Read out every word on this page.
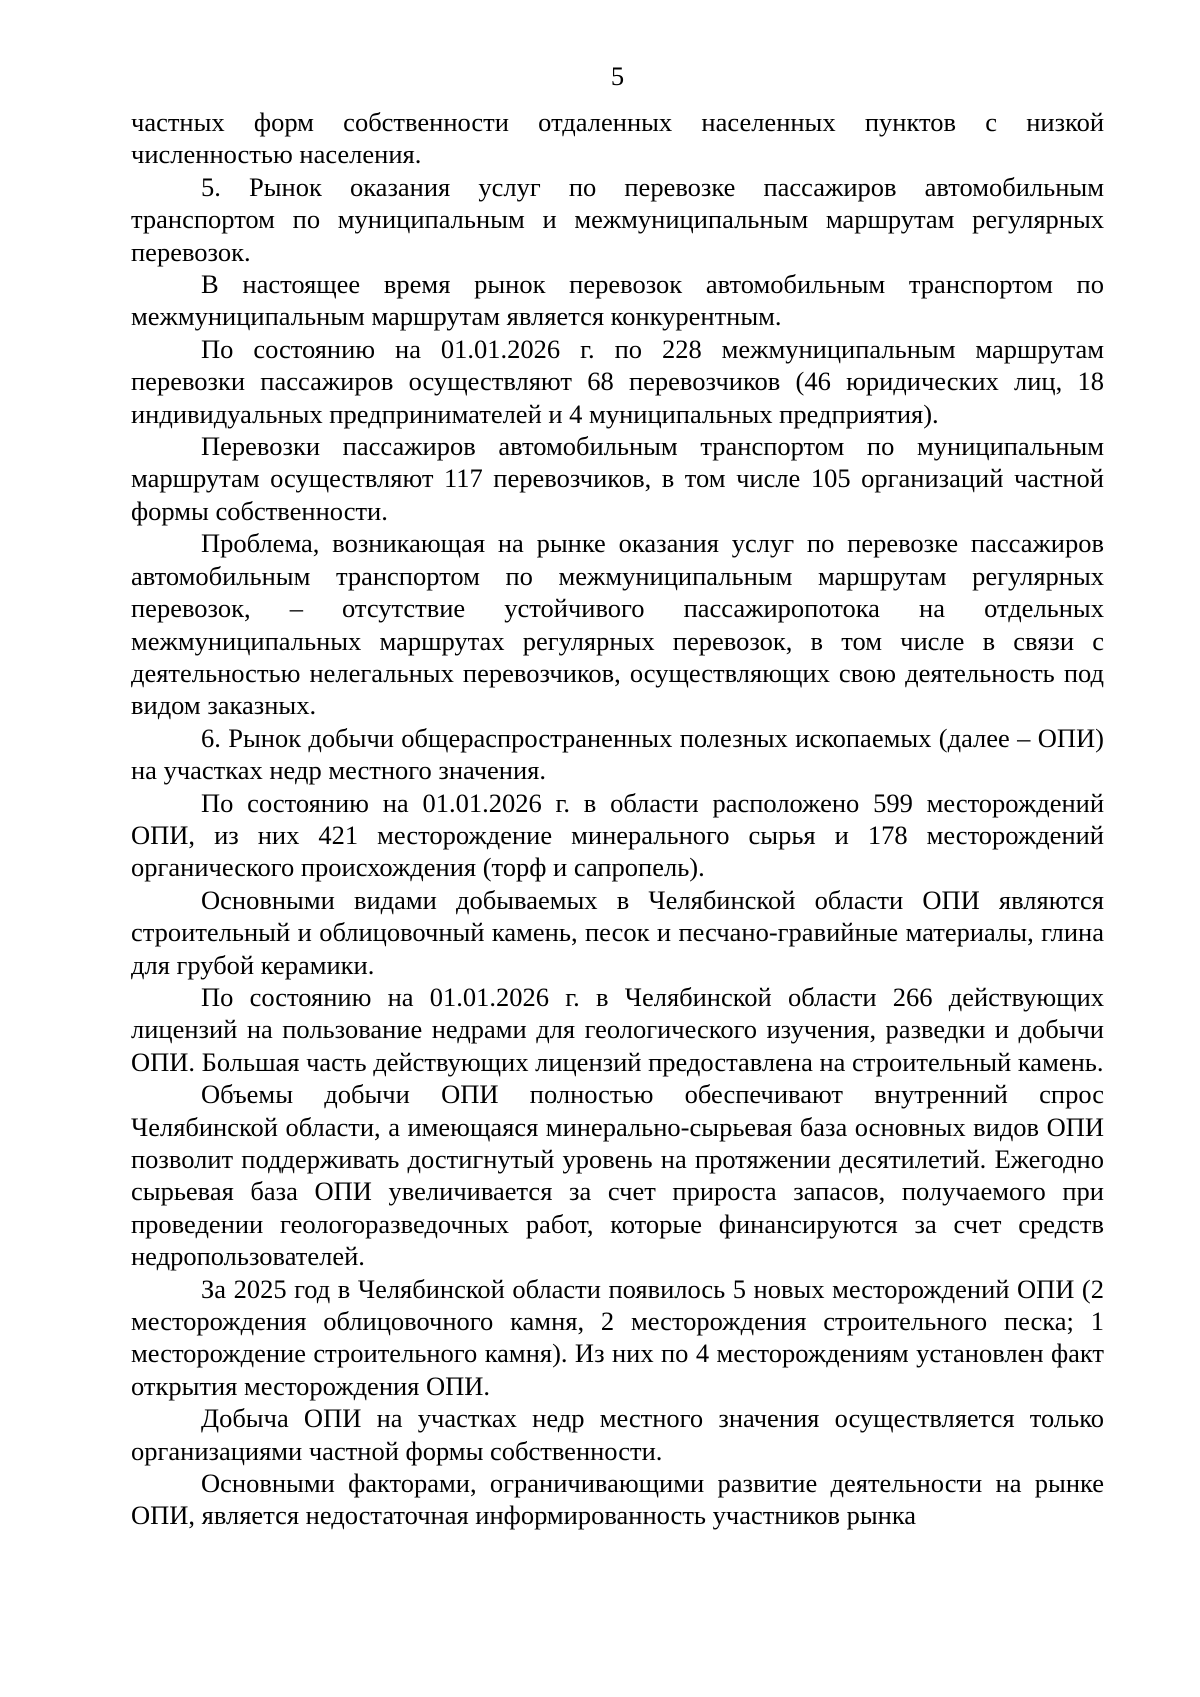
5

частных форм собственности отдаленных населенных пунктов с низкой численностью населения.

5. Рынок оказания услуг по перевозке пассажиров автомобильным транспортом по муниципальным и межмуниципальным маршрутам регулярных перевозок.

В настоящее время рынок перевозок автомобильным транспортом по межмуниципальным маршрутам является конкурентным.

По состоянию на 01.01.2026 г. по 228 межмуниципальным маршрутам перевозки пассажиров осуществляют 68 перевозчиков (46 юридических лиц, 18 индивидуальных предпринимателей и 4 муниципальных предприятия).

Перевозки пассажиров автомобильным транспортом по муниципальным маршрутам осуществляют 117 перевозчиков, в том числе 105 организаций частной формы собственности.

Проблема, возникающая на рынке оказания услуг по перевозке пассажиров автомобильным транспортом по межмуниципальным маршрутам регулярных перевозок, – отсутствие устойчивого пассажиропотока на отдельных межмуниципальных маршрутах регулярных перевозок, в том числе в связи с деятельностью нелегальных перевозчиков, осуществляющих свою деятельность под видом заказных.

6. Рынок добычи общераспространенных полезных ископаемых (далее – ОПИ) на участках недр местного значения.

По состоянию на 01.01.2026 г. в области расположено 599 месторождений ОПИ, из них 421 месторождение минерального сырья и 178 месторождений органического происхождения (торф и сапропель).

Основными видами добываемых в Челябинской области ОПИ являются строительный и облицовочный камень, песок и песчано-гравийные материалы, глина для грубой керамики.

По состоянию на 01.01.2026 г. в Челябинской области 266 действующих лицензий на пользование недрами для геологического изучения, разведки и добычи ОПИ. Большая часть действующих лицензий предоставлена на строительный камень.

Объемы добычи ОПИ полностью обеспечивают внутренний спрос Челябинской области, а имеющаяся минерально-сырьевая база основных видов ОПИ позволит поддерживать достигнутый уровень на протяжении десятилетий. Ежегодно сырьевая база ОПИ увеличивается за счет прироста запасов, получаемого при проведении геологоразведочных работ, которые финансируются за счет средств недропользователей.

За 2025 год в Челябинской области появилось 5 новых месторождений ОПИ (2 месторождения облицовочного камня, 2 месторождения строительного песка; 1 месторождение строительного камня). Из них по 4 месторождениям установлен факт открытия месторождения ОПИ.

Добыча ОПИ на участках недр местного значения осуществляется только организациями частной формы собственности.

Основными факторами, ограничивающими развитие деятельности на рынке ОПИ, является недостаточная информированность участников рынка
